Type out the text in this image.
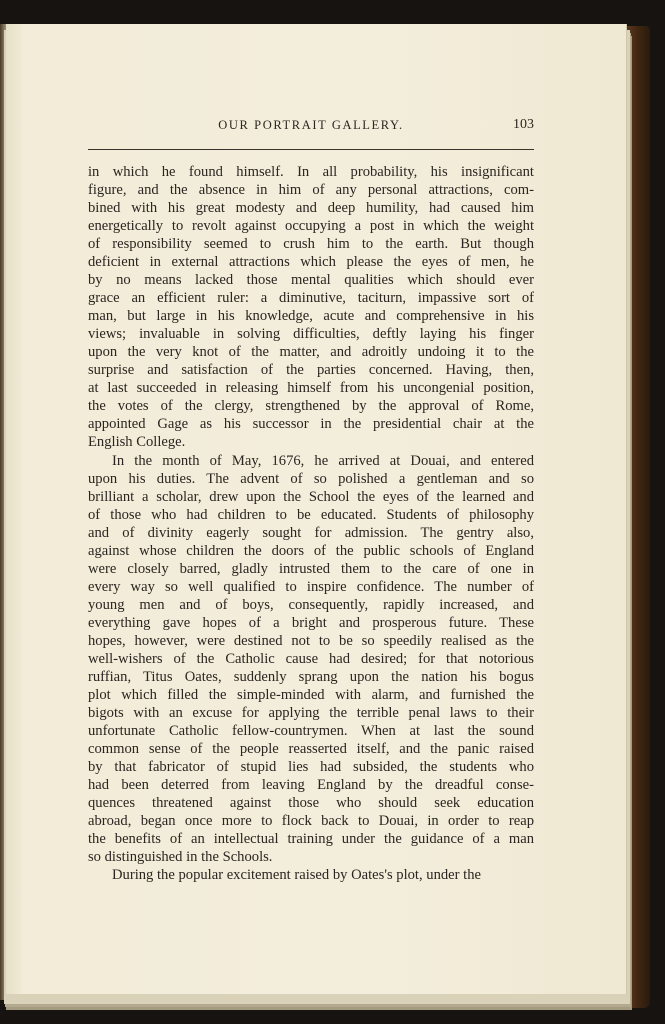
OUR PORTRAIT GALLERY.	103
in which he found himself. In all probability, his insignificant
figure, and the absence in him of any personal attractions, com-
bined with his great modesty and deep humility, had caused him
energetically to revolt against occupying a post in which the weight
of responsibility seemed to crush him to the earth. But though
deficient in external attractions which please the eyes of men, he
by no means lacked those mental qualities which should ever
grace an efficient ruler: a diminutive, taciturn, impassive sort of
man, but large in his knowledge, acute and comprehensive in his
views; invaluable in solving difficulties, deftly laying his finger
upon the very knot of the matter, and adroitly undoing it to the
surprise and satisfaction of the parties concerned. Having, then,
at last succeeded in releasing himself from his uncongenial position,
the votes of the clergy, strengthened by the approval of Rome,
appointed Gage as his successor in the presidential chair at the
English College.
In the month of May, 1676, he arrived at Douai, and entered
upon his duties. The advent of so polished a gentleman and so
brilliant a scholar, drew upon the School the eyes of the learned and
of those who had children to be educated. Students of philosophy
and of divinity eagerly sought for admission. The gentry also,
against whose children the doors of the public schools of England
were closely barred, gladly intrusted them to the care of one in
every way so well qualified to inspire confidence. The number of
young men and of boys, consequently, rapidly increased, and
everything gave hopes of a bright and prosperous future. These
hopes, however, were destined not to be so speedily realised as the
well-wishers of the Catholic cause had desired; for that notorious
ruffian, Titus Oates, suddenly sprang upon the nation his bogus
plot which filled the simple-minded with alarm, and furnished the
bigots with an excuse for applying the terrible penal laws to their
unfortunate Catholic fellow-countrymen. When at last the sound
common sense of the people reasserted itself, and the panic raised
by that fabricator of stupid lies had subsided, the students who
had been deterred from leaving England by the dreadful conse-
quences threatened against those who should seek education
abroad, began once more to flock back to Douai, in order to reap
the benefits of an intellectual training under the guidance of a man
so distinguished in the Schools.
During the popular excitement raised by Oates's plot, under the
